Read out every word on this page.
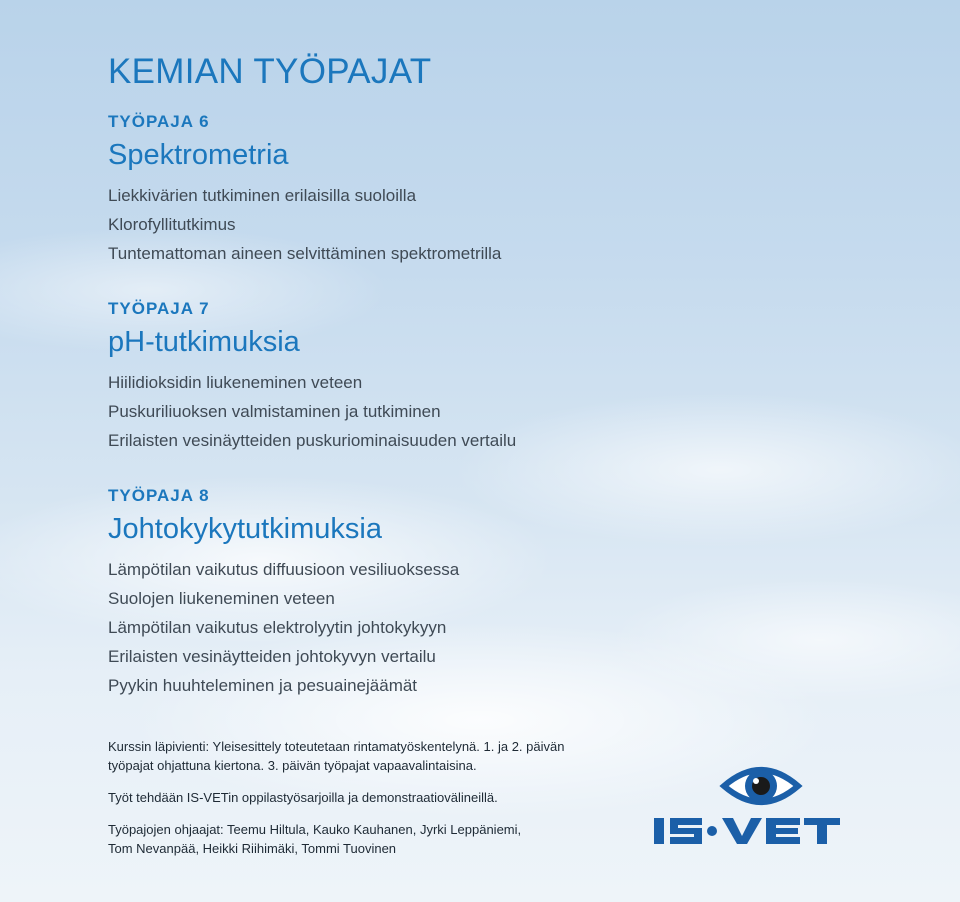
KEMIAN TYÖPAJAT

TYÖPAJA 6

Spektrometria
Liekkivärien tutkiminen erilaisilla suoloilla
Klorofyllitutkimus
Tuntemattoman aineen selvittäminen spektrometrilla

TYÖPAJA 7

pH-tutkimuksia
Hiilidioksidin liukeneminen veteen
Puskuriliuoksen valmistaminen ja tutkiminen
Erilaisten vesinäytteiden puskuriominaisuuden vertailu

TYÖPAJA 8

Johtokykytutkimuksia
Lämpötilan vaikutus diffuusioon vesiliuoksessa
Suolojen liukeneminen veteen
Lämpötilan vaikutus elektrolyytin johtokykyyn
Erilaisten vesinäytteiden johtokyvyn vertailu
Pyykin huuhteleminen ja pesuainejäämät

Kurssin läpivienti: Yleisesittely toteutetaan rintamatyöskentelynä. 1. ja 2. päivän
työpajat ohjattuna kiertona. 3. päivän työpajat vapaavalintaisina.

Työt tehdään IS-VETin oppilastyösarjoilla ja demonstraatiovälineillä.

Työpajojen ohjaajat: Teemu Hiltula, Kauko Kauhanen, Jyrki Leppäniemi,
Tom Nevanpää, Heikki Riihimäki, Tommi Tuovinen
